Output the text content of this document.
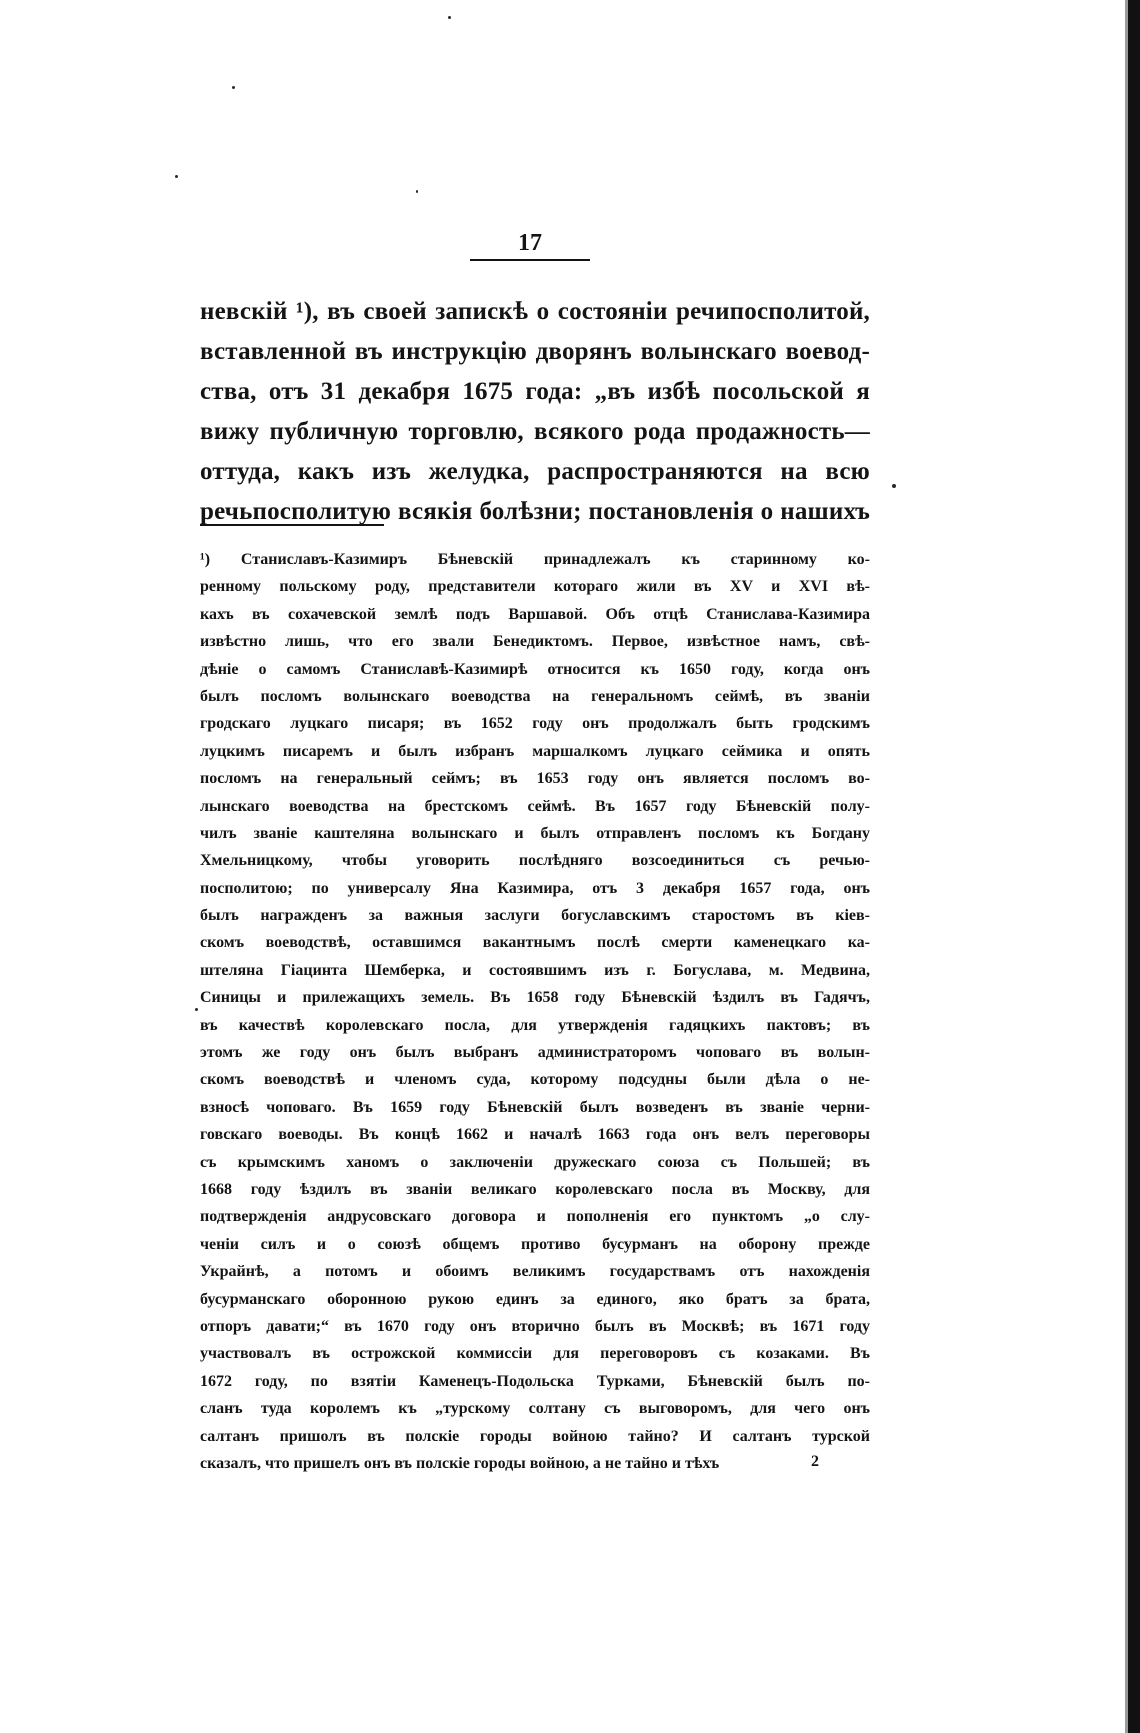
17
невскій ¹), въ своей запискѣ о состояніи речипосполитой,
вставленной въ инструкцію дворянъ волынскаго воевод-
ства, отъ 31 декабря 1675 года: „въ избѣ посольской я
вижу публичную торговлю, всякого рода продажность—
оттуда, какъ изъ желудка, распространяются на всю
речьпосполитую всякія болѣзни; постановленія о нашихъ
¹) Станиславъ-Казимиръ Бѣневскій принадлежалъ къ старинному ко-
ренному польскому роду, представители котораго жили въ XV и XVI вѣ-
кахъ въ сохачевской землѣ подъ Варшавой. Объ отцѣ Станислава-Казимира
извѣстно лишь, что его звали Бенедиктомъ. Первое, извѣстное намъ, свѣ-
дѣніе о самомъ Станиславѣ-Казимирѣ относится къ 1650 году, когда онъ
былъ посломъ волынскаго воеводства на генеральномъ сеймѣ, въ званіи
гродскаго луцкаго писаря; въ 1652 году онъ продолжалъ быть гродскимъ
луцкимъ писаремъ и былъ избранъ маршалкомъ луцкаго сеймика и опять
посломъ на генеральный сеймъ; въ 1653 году онъ является посломъ во-
лынскаго воеводства на брестскомъ сеймѣ. Въ 1657 году Бѣневскій полу-
чилъ званіе каштеляна волынскаго и былъ отправленъ посломъ къ Богдану
Хмельницкому, чтобы уговорить послѣдняго возсоединиться съ речью-
посполитою; по универсалу Яна Казимира, отъ 3 декабря 1657 года, онъ
былъ награжденъ за важныя заслуги богуславскимъ старостомъ въ кіев-
скомъ воеводствѣ, оставшимся вакантнымъ послѣ смерти каменецкаго ка-
штеляна Гіацинта Шемберка, и состоявшимъ изъ г. Богуслава, м. Медвина,
Синицы и прилежащихъ земель. Въ 1658 году Бѣневскій ѣздилъ въ Гадячъ,
въ качествѣ королевскаго посла, для утвержденія гадяцкихъ пактовъ; въ
этомъ же году онъ былъ выбранъ администраторомъ чоповаго въ волын-
скомъ воеводствѣ и членомъ суда, которому подсудны были дѣла о не-
взносѣ чоповаго. Въ 1659 году Бѣневскій былъ возведенъ въ званіе черни-
говскаго воеводы. Въ концѣ 1662 и началѣ 1663 года онъ велъ переговоры
съ крымскимъ ханомъ о заключеніи дружескаго союза съ Польшей; въ
1668 году ѣздилъ въ званіи великаго королевскаго посла въ Москву, для
подтвержденія андрусовскаго договора и пополненія его пунктомъ „о слу-
ченіи силъ и о союзѣ общемъ противо бусурманъ на оборону прежде
Украйнѣ, а потомъ и обоимъ великимъ государствамъ отъ нахожденія
бусурманскаго оборонною рукою единъ за единого, яко братъ за брата,
отпоръ давати;“ въ 1670 году онъ вторично былъ въ Москвѣ; въ 1671 году
участвовалъ въ острожской коммиссіи для переговоровъ съ козаками. Въ
1672 году, по взятіи Каменецъ-Подольска Турками, Бѣневскій былъ по-
сланъ туда королемъ къ „турскому солтану съ выговоромъ, для чего онъ
салтанъ пришолъ въ полскіе городы войною тайно? И салтанъ турской
сказалъ, что пришелъ онъ въ полскіе городы войною, а не тайно и тѣхъ	2
